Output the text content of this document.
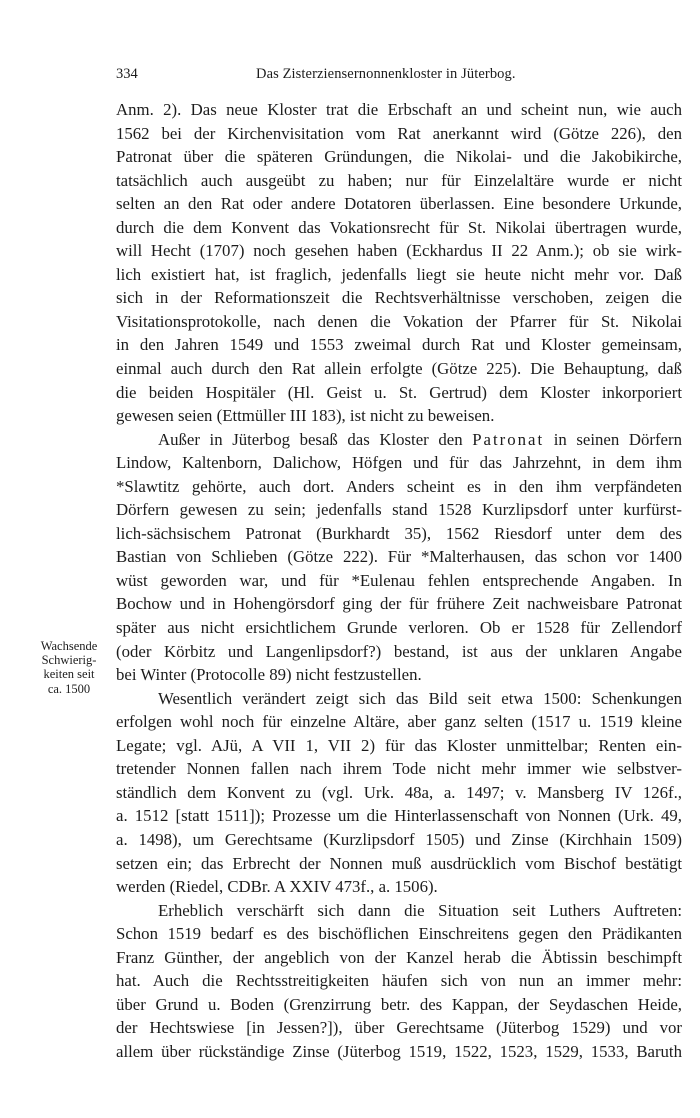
334	Das Zisterziensernonnenkloster in Jüterbog.
Wachsende
Schwierig-
keiten seit
ca. 1500
Anm. 2). Das neue Kloster trat die Erbschaft an und scheint nun, wie auch
1562 bei der Kirchenvisitation vom Rat anerkannt wird (Götze 226), den
Patronat über die späteren Gründungen, die Nikolai- und die Jakobikirche,
tatsächlich auch ausgeübt zu haben; nur für Einzelaltäre wurde er nicht
selten an den Rat oder andere Dotatoren überlassen. Eine besondere Urkunde,
durch die dem Konvent das Vokationsrecht für St. Nikolai übertragen wurde,
will Hecht (1707) noch gesehen haben (Eckhardus II 22 Anm.); ob sie wirk-
lich existiert hat, ist fraglich, jedenfalls liegt sie heute nicht mehr vor. Daß
sich in der Reformationszeit die Rechtsverhältnisse verschoben, zeigen die
Visitationsprotokolle, nach denen die Vokation der Pfarrer für St. Nikolai
in den Jahren 1549 und 1553 zweimal durch Rat und Kloster gemeinsam,
einmal auch durch den Rat allein erfolgte (Götze 225). Die Behauptung, daß
die beiden Hospitäler (Hl. Geist u. St. Gertrud) dem Kloster inkorporiert
gewesen seien (Ettmüller III 183), ist nicht zu beweisen.
Außer in Jüterbog besaß das Kloster den Patronat in seinen Dörfern
Lindow, Kaltenborn, Dalichow, Höfgen und für das Jahrzehnt, in dem ihm
*Slawtitz gehörte, auch dort. Anders scheint es in den ihm verpfändeten
Dörfern gewesen zu sein; jedenfalls stand 1528 Kurzlipsdorf unter kurfürst-
lich-sächsischem Patronat (Burkhardt 35), 1562 Riesdorf unter dem des
Bastian von Schlieben (Götze 222). Für *Malterhausen, das schon vor 1400
wüst geworden war, und für *Eulenau fehlen entsprechende Angaben. In
Bochow und in Hohengörsdorf ging der für frühere Zeit nachweisbare Patronat
später aus nicht ersichtlichem Grunde verloren. Ob er 1528 für Zellendorf
(oder Körbitz und Langenlipsdorf?) bestand, ist aus der unklaren Angabe
bei Winter (Protocolle 89) nicht festzustellen.
Wesentlich verändert zeigt sich das Bild seit etwa 1500: Schenkungen
erfolgen wohl noch für einzelne Altäre, aber ganz selten (1517 u. 1519 kleine
Legate; vgl. AJü, A VII 1, VII 2) für das Kloster unmittelbar; Renten ein-
tretender Nonnen fallen nach ihrem Tode nicht mehr immer wie selbstver-
ständlich dem Konvent zu (vgl. Urk. 48a, a. 1497; v. Mansberg IV 126f.,
a. 1512 [statt 1511]); Prozesse um die Hinterlassenschaft von Nonnen (Urk. 49,
a. 1498), um Gerechtsame (Kurzlipsdorf 1505) und Zinse (Kirchhain 1509)
setzen ein; das Erbrecht der Nonnen muß ausdrücklich vom Bischof bestätigt
werden (Riedel, CDBr. A XXIV 473f., a. 1506).
Erheblich verschärft sich dann die Situation seit Luthers Auftreten:
Schon 1519 bedarf es des bischöflichen Einschreitens gegen den Prädikanten
Franz Günther, der angeblich von der Kanzel herab die Äbtissin beschimpft
hat. Auch die Rechtsstreitigkeiten häufen sich von nun an immer mehr:
über Grund u. Boden (Grenzirrung betr. des Kappan, der Seydaschen Heide,
der Hechtswiese [in Jessen?]), über Gerechtsame (Jüterbog 1529) und vor
allem über rückständige Zinse (Jüterbog 1519, 1522, 1523, 1529, 1533, Baruth
